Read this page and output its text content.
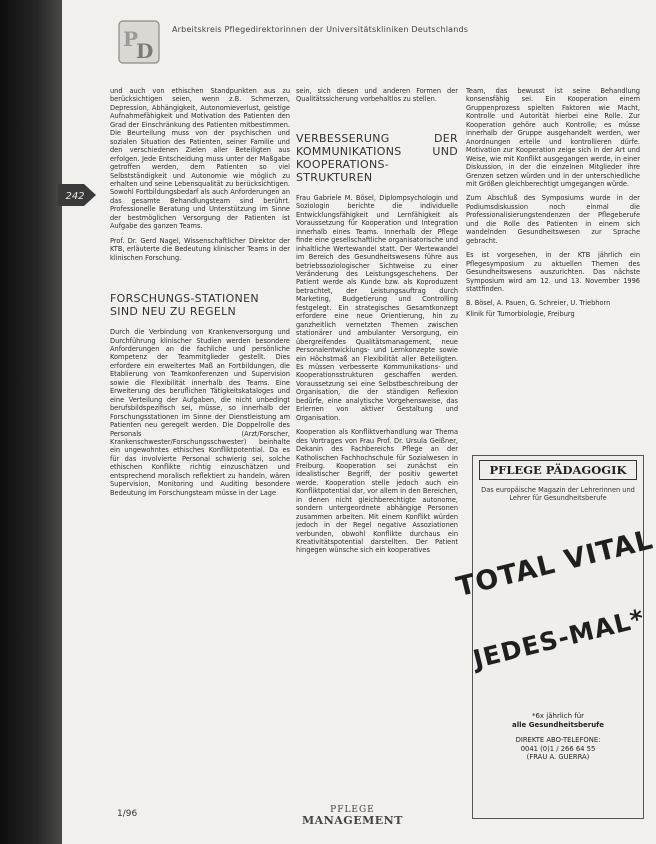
P
D
Arbeitskreis Pflegedirektorinnen der Universitätskliniken Deutschlands
242

und auch von ethischen Standpunkten aus zu berücksichtigen seien, wenn z.B. Schmerzen, Depression, Abhängigkeit, Autonomieverlust, geistige Aufnahmefähigkeit und Motivation des Patienten den Grad der Einschränkung des Patienten mitbestimmen. Die Beurteilung muss von der psychischen und sozialen Situation des Patienten, seiner Familie und den verschiedenen Zielen aller Beteiligten aus erfolgen. Jede Entscheidung muss unter der Maßgabe getroffen werden, dem Patienten so viel Selbstständigkeit und Autonomie wie möglich zu erhalten und seine Lebensqualität zu berücksichtigen. Sowohl Fortbildungsbedarf als auch Anforderungen an das gesamte Behandlungsteam sind berührt. Professionelle Beratung und Unterstützung im Sinne der bestmöglichen Versorgung der Patienten ist Aufgabe des ganzen Teams.

Prof. Dr. Gerd Nagel, Wissenschaftlicher Direktor der KTB, erläuterte die Bedeutung klinischer Teams in der klinischen Forschung.

FORSCHUNGS-STATIONEN SIND NEU ZU REGELN

Durch die Verbindung von Krankenversorgung und Durchführung klinischer Studien werden besondere Anforderungen an die fachliche und persönliche Kompetenz der Teammitglieder gestellt. Dies erfordere ein erweitertes Maß an Fortbildungen, die Etablierung von Teamkonferenzen und Supervision sowie die Flexibilität innerhalb des Teams. Eine Erweiterung des beruflichen Tätigkeitskataloges und eine Verteilung der Aufgaben, die nicht unbedingt berufsbildspezifisch sei, müsse, so innerhalb der Forschungsstationen im Sinne der Dienstleistung am Patienten neu geregelt werden. Die Doppelrolle des Personals (Arzt/Forscher, Krankenschwester/Forschungsschwester) beinhalte ein ungewohntes ethisches Konfliktpotential. Da es für das involvierte Personal schwierig sei, solche ethischen Konflikte richtig einzuschätzen und entsprechend moralisch reflektiert zu handeln, wären Supervision, Monitoring und Auditing besondere Bedeutung im Forschungsteam müsse in der Lage

sein, sich diesen und anderen Formen der Qualitätssicherung vorbehaltlos zu stellen.

VERBESSERUNG DER KOMMUNIKATIONS UND KOOPERATIONS-STRUKTUREN

Frau Gabriele M. Bösel, Diplompsychologin und Soziologin berichte die individuelle Entwicklungsfähigkeit und Lernfähigkeit als Voraussetzung für Kooperation und Integration innerhalb eines Teams. Innerhalb der Pflege finde eine gesellschaftliche organisatorische und inhaltliche Wertewandel statt. Der Wertewandel im Bereich des Gesundheitswesens führe aus betriebssoziologischer Sichtweise zu einer Veränderung des Leistungsgeschehens. Der Patient werde als Kunde bzw. als Koproduzent betrachtet, der Leistungsauftrag durch Marketing, Budgetierung und Controlling festgelegt. Ein strategisches Gesamtkonzept erfordere eine neue Orientierung, hin zu ganzheitlich vernetzten Themen zwischen stationärer und ambulanter Versorgung, ein übergreifendes Qualitätsmanagement, neue Personalentwicklungs- und Lernkonzepte sowie ein Höchstmaß an Flexibilität aller Beteiligten. Es müssen verbesserte Kommunikations- und Kooperationsstrukturen geschaffen werden. Voraussetzung sei eine Selbstbeschreibung der Organisation, die der ständigen Reflexion bedürfe, eine analytische Vorgehensweise, das Erlernen von aktiver Gestaltung und Organisation.

Kooperation als Konfliktverhandlung war Thema des Vortrages von Frau Prof. Dr. Ursula Geißner, Dekanin des Fachbereichs Pflege an der Katholischen Fachhochschule für Sozialwesen in Freiburg. Kooperation sei zunächst ein idealistischer Begriff, der positiv gewertet werde. Kooperation stelle jedoch auch ein Konfliktpotential dar, vor allem in den Bereichen, in denen nicht gleichberechtigte autonome, sondern untergeordnete abhängige Personen zusammen arbeiten. Mit einem Konflikt würden jedoch in der Regel negative Assoziationen verbunden, obwohl Konflikte durchaus ein Kreativitätspotential darstellten. Der Patient hingegen wünsche sich ein kooperatives

Team, das bewusst ist seine Behandlung konsensfähig sei. Ein Kooperation einem Gruppenprozess spielten Faktoren wie Macht, Kontrolle und Autorität hierbei eine Rolle. Zur Kooperation gehöre auch Kontrolle; es müsse innerhalb der Gruppe ausgehandelt werden, wer Anordnungen erteile und kontrollieren dürfe. Motivation zur Kooperation zeige sich in der Art und Weise, wie mit Konflikt ausgegangen werde, in einer Diskussion, in der die einzelnen Mitglieder ihre Grenzen setzen würden und in der unterschiedliche mit Größen gleichberechtigt umgegangen würde.

Zum Abschluß des Symposiums wurde in der Podiumsdiskussion noch einmal die Professionalisierungstendenzen der Pflegeberufe und die Rolle des Patienten in einem sich wandelnden Gesundheitswesen zur Sprache gebracht.

Es ist vorgesehen, in der KTB jährlich ein Pflegesymposium zu aktuellen Themen des Gesundheitswesens auszurichten. Das nächste Symposium wird am 12. und 13. November 1996 stattfinden.

B. Bösel, A. Pauen, G. Schreier, U. Triebhorn

Klinik für Tumorbiologie, Freiburg

PFLEGE PÄDAGOGIK
Das europäische Magazin der Lehrerinnen und Lehrer für Gesundheitsberufe
TOTAL VITAL
JEDES-MAL*
*6x jährlich für
alle Gesundheitsberufe
DIREKTE ABO-TELEFONE:
0041 (0)1 / 266 64 55
(FRAU A. GUERRA)
1/96	PFLEGE
MANAGEMENT
